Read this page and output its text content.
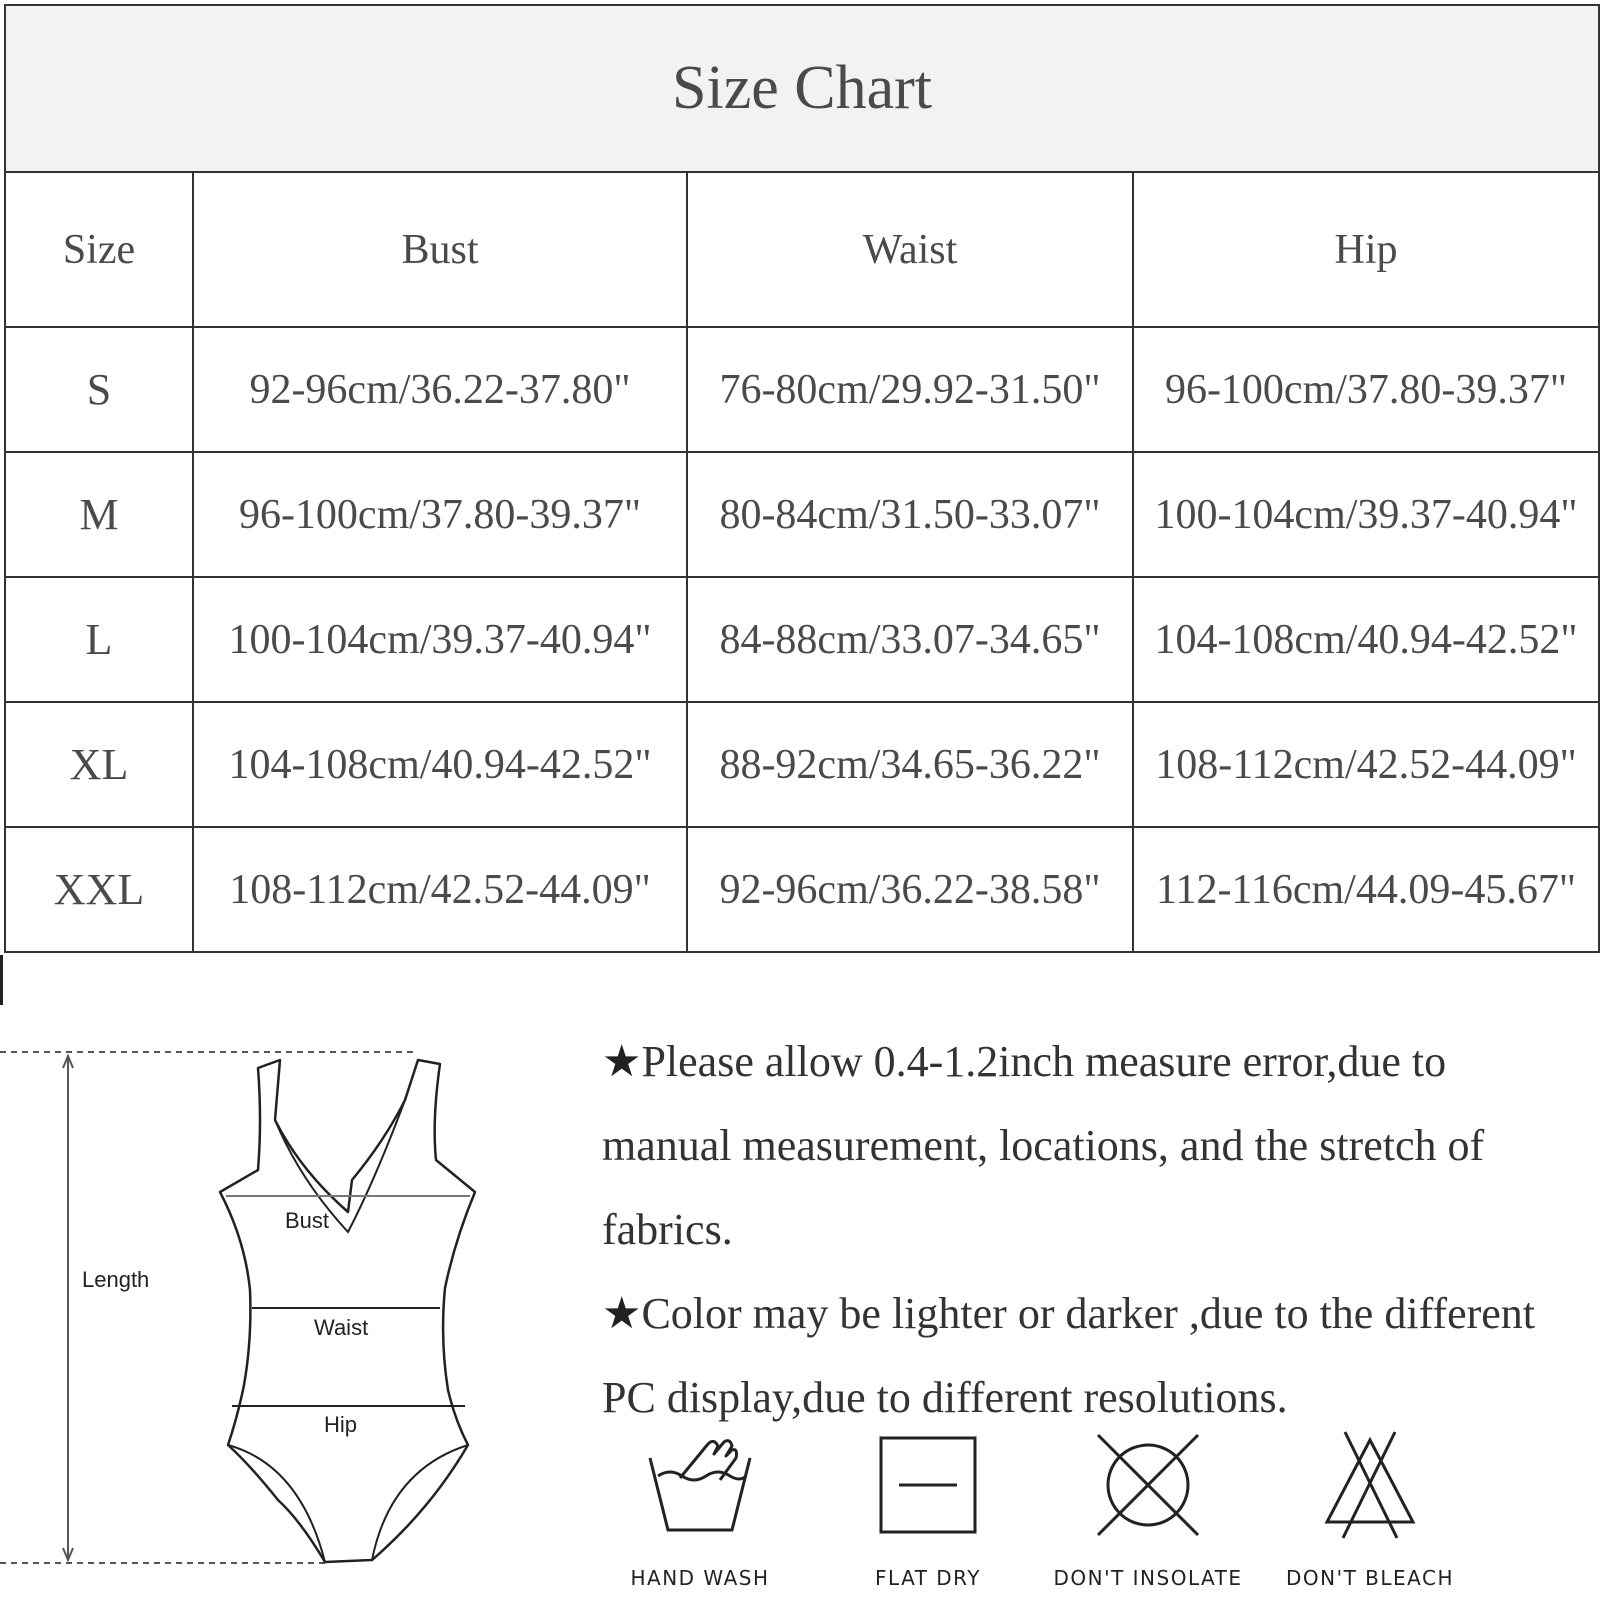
Size Chart			
Size	Bust	Waist	Hip
S	92-96cm/36.22-37.80"	76-80cm/29.92-31.50"	96-100cm/37.80-39.37"
M	96-100cm/37.80-39.37"	80-84cm/31.50-33.07"	100-104cm/39.37-40.94"
L	100-104cm/39.37-40.94"	84-88cm/33.07-34.65"	104-108cm/40.94-42.52"
XL	104-108cm/40.94-42.52"	88-92cm/34.65-36.22"	108-112cm/42.52-44.09"
XXL	108-112cm/42.52-44.09"	92-96cm/36.22-38.58"	112-116cm/44.09-45.67"
Length
Bust
Waist
Hip
★Please allow 0.4-1.2inch measure error,due to manual measurement, locations, and the stretch of fabrics.
★Color may be lighter or darker ,due to the different PC display,due to different resolutions.
HAND WASH	FLAT DRY	DON'T INSOLATE	DON'T BLEACH
